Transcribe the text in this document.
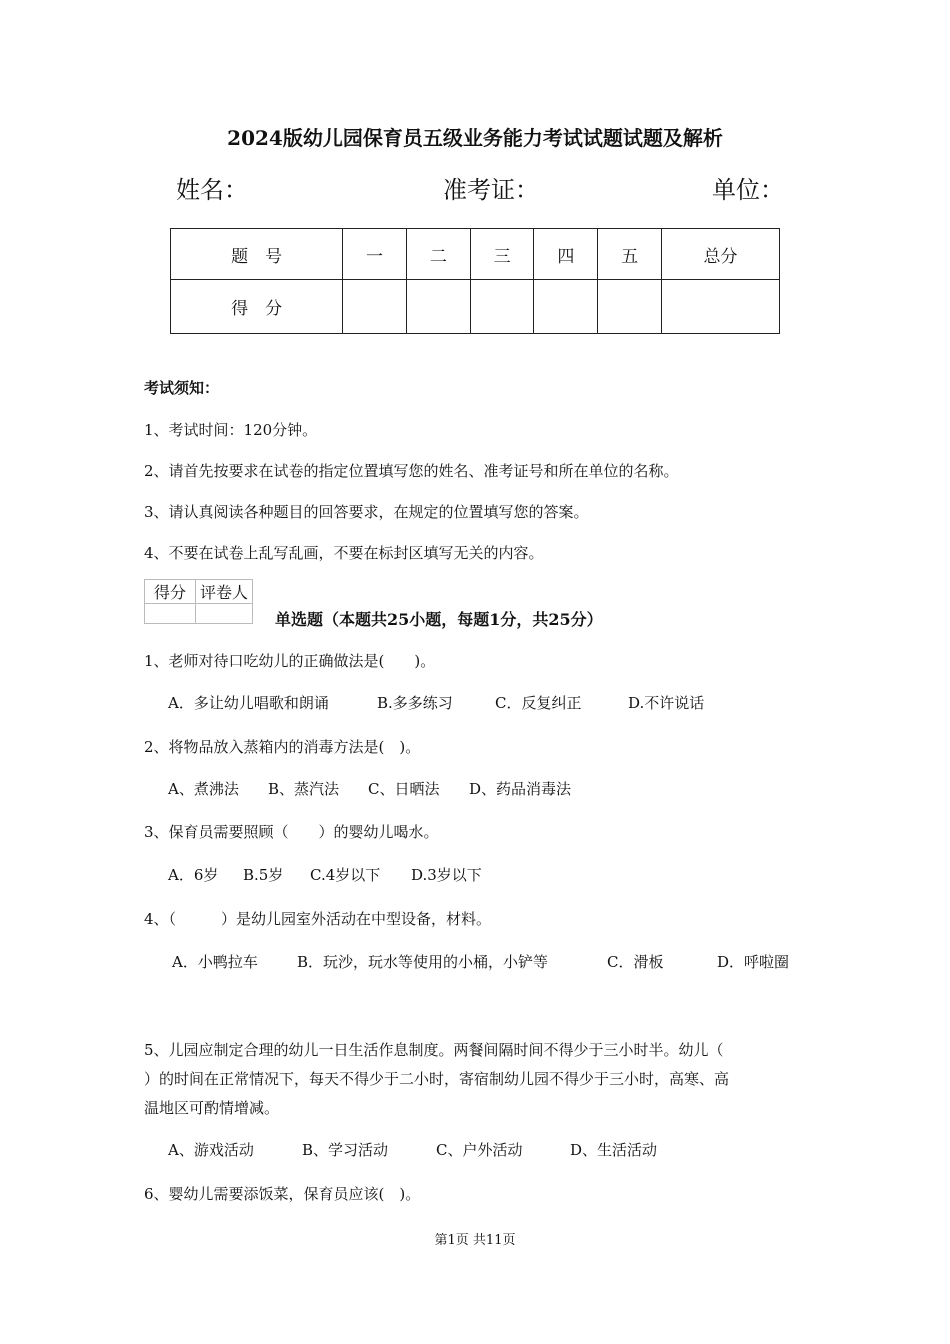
2024版幼儿园保育员五级业务能力考试试题试题及解析
姓名：	准考证：	单位：
题　号	一	二	三	四	五	总分
得　分						
考试须知：
1、考试时间：120分钟。
2、请首先按要求在试卷的指定位置填写您的姓名、准考证号和所在单位的名称。
3、请认真阅读各种题目的回答要求，在规定的位置填写您的答案。
4、不要在试卷上乱写乱画，不要在标封区填写无关的内容。
得分	评卷人

单选题（本题共25小题，每题1分，共25分）
1、老师对待口吃幼儿的正确做法是(　　)。
A．多让幼儿唱歌和朗诵	B.多多练习	C．反复纠正	D.不许说话
2、将物品放入蒸箱内的消毒方法是(　)。
A、煮沸法 B、蒸汽法 C、日晒法 D、药品消毒法
3、保育员需要照顾（　　）的婴幼儿喝水。
A．6岁 B.5岁 C.4岁以下 D.3岁以下
4、（　　　）是幼儿园室外活动在中型设备，材料。
A．小鸭拉车	B．玩沙，玩水等使用的小桶，小铲等	C．滑板	D．呼啦圈
5、儿园应制定合理的幼儿一日生活作息制度。两餐间隔时间不得少于三小时半。幼儿（
）的时间在正常情况下，每天不得少于二小时，寄宿制幼儿园不得少于三小时，高寒、高
温地区可酌情增减。
A、游戏活动	B、学习活动	C、户外活动	D、生活活动
6、婴幼儿需要添饭菜，保育员应该(　)。
第1页 共11页
